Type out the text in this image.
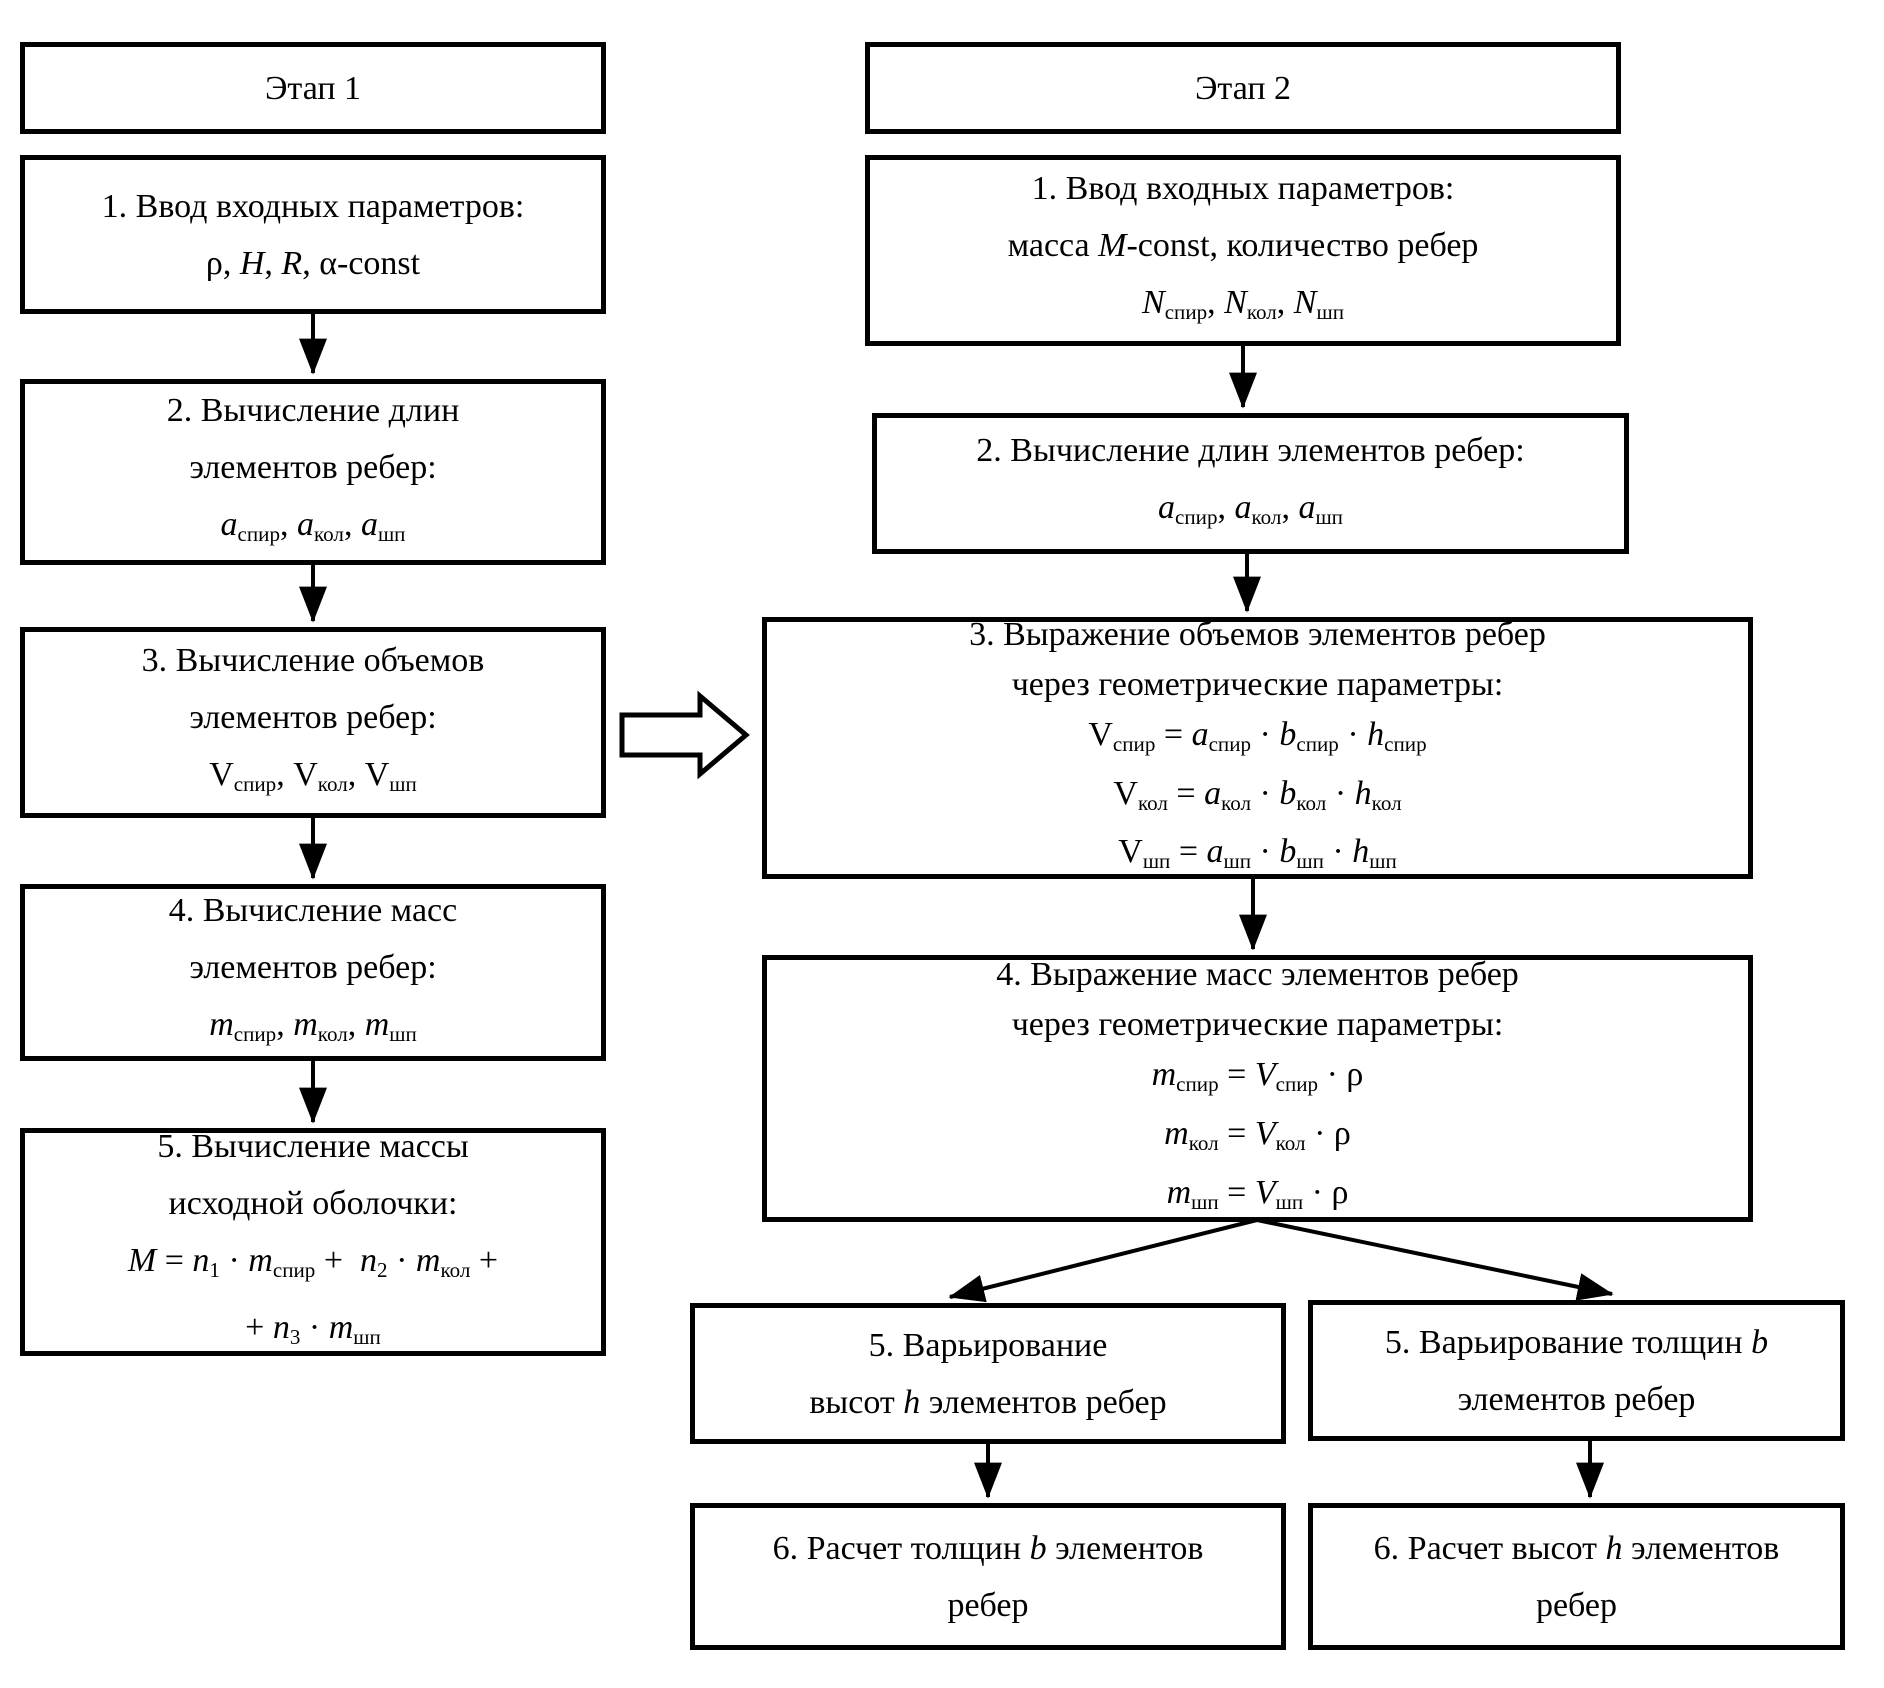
Этап 1
1. Ввод входных параметров:
ρ, H, R, α-const
2. Вычисление длин
элементов ребер:
$a_{спир}$, $a_{кол}$, $a_{шп}$
3. Вычисление объемов
элементов ребер:
$V_{спир}$, $V_{кол}$, $V_{шп}$
4. Вычисление масс
элементов ребер:
$m_{спир}$, $m_{кол}$, $m_{шп}$
5. Вычисление массы
исходной оболочки:
$M = n_1 \cdot m_{спир} + n_2 \cdot m_{кол}$ +
+ $n_3 \cdot m_{шп}$
Этап 2
1. Ввод входных параметров:
масса M-const, количество ребер
$N_{спир}$, $N_{кол}$, $N_{шп}$
2. Вычисление длин элементов ребер:
$a_{спир}$, $a_{кол}$, $a_{шп}$
3. Выражение объемов элементов ребер
через геометрические параметры:
$V_{спир} = a_{спир} \cdot b_{спир} \cdot h_{спир}$
$V_{кол} = a_{кол} \cdot b_{кол} \cdot h_{кол}$
$V_{шп} = a_{шп} \cdot b_{шп} \cdot h_{шп}$
4. Выражение масс элементов ребер
через геометрические параметры:
$m_{спир} = V_{спир} \cdot \rho$
$m_{кол} = V_{кол} \cdot \rho$
$m_{шп} = V_{шп} \cdot \rho$
5. Варьирование
высот h элементов ребер
5. Варьирование толщин b
элементов ребер
6. Расчет толщин b элементов
ребер
6. Расчет высот h элементов
ребер
